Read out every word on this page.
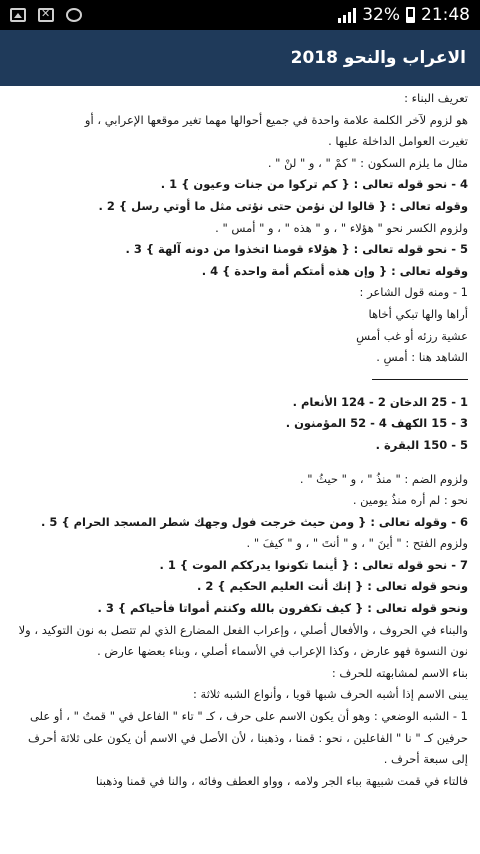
✕
32% 21:48
الاعراب والنحو 2018
تعريف البناء :
هو لزوم لآخر الكلمة علامة واحدة في جميع أحوالها مهما تغير موقعها الإعرابي ، أو
تغيرت العوامل الداخلة عليها .
مثال ما يلزم السكون : " كمْ " ، و " لنْ " .
4 - نحو قوله تعالى : { كم تركوا من جنات وعيون } 1 .
وقوله تعالى : { قالوا لن نؤمن حتى نؤتى مثل ما أوتي رسل } 2 .
ولزوم الكسر نحو " هؤلاء " ، و " هذه " ، و " أمس " .
5 - نحو قوله تعالى : { هؤلاء قومنا اتخذوا من دونه آلهة } 3 .
وقوله تعالى : { وإن هذه أمتكم أمة واحدة } 4 .
1 - ومنه قول الشاعر :
أراها والها تبكي أخاها
عشية رزئه أو غب أمسِ
الشاهد هنا : أمسِ .
1 - 25 الدخان 2 - 124 الأنعام .
3 - 15 الكهف 4 - 52 المؤمنون .
5 - 150 البقرة .
ولزوم الضم : " منذُ " ، و " حيثُ " .
نحو : لم أره منذُ يومين .
6 - وقوله تعالى : { ومن حيث خرجت فول وجهك شطر المسجد الحرام } 5 .
ولزوم الفتح : " أينَ " ، و " أنتَ " ، و " كيفَ " .
7 - نحو قوله تعالى : { أينما تكونوا يدرككم الموت } 1 .
ونحو قوله تعالى : { إنك أنت العليم الحكيم } 2 .
ونحو قوله تعالى : { كيف تكفرون بالله وكنتم أمواتا فأحياكم } 3 .
والبناء في الحروف ، والأفعال أصلي ، وإعراب الفعل المضارع الذي لم تتصل به نون التوكيد ، ولا نون النسوة فهو عارض ، وكذا الإعراب في الأسماء أصلي ، وبناء بعضها عارض .
بناء الاسم لمشابهته للحرف :
يبنى الاسم إذا أشبه الحرف شبها قويا ، وأنواع الشبه ثلاثة :
1 - الشبه الوضعي : وهو أن يكون الاسم على حرف ، كـ " تاء " الفاعل في " قمتُ " ، أو على حرفين كـ " نا " الفاعلين ، نحو : قمنا ، وذهبنا ، لأن الأصل في الاسم أن يكون على ثلاثة أحرف إلى سبعة أحرف .
فالتاء في قمت شبيهة بباء الجر ولامه ، وواو العطف وفائه ، والنا في قمنا وذهبنا
